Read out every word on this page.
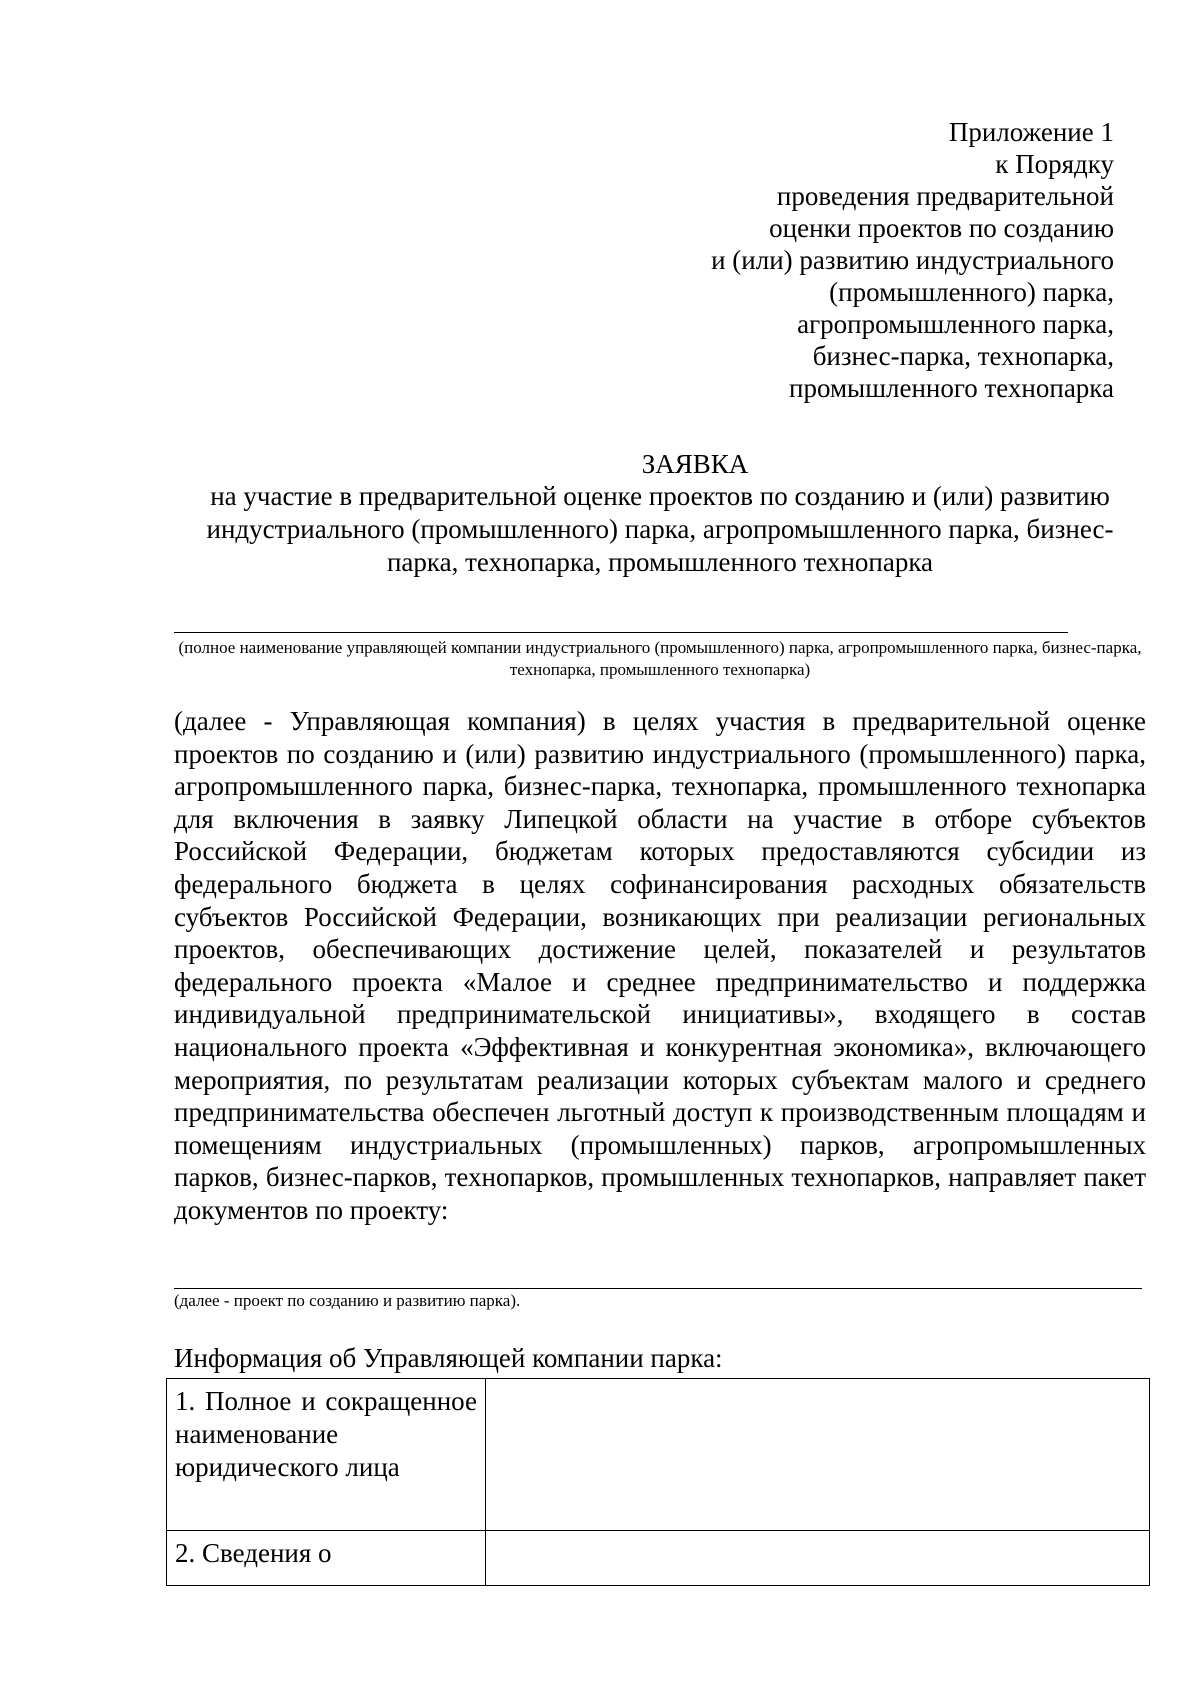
Приложение 1
к Порядку
проведения предварительной
оценки проектов по созданию
и (или) развитию индустриального
(промышленного) парка,
агропромышленного парка,
бизнес-парка, технопарка,
промышленного технопарка
ЗАЯВКА
на участие в предварительной оценке проектов по созданию и (или) развитию индустриального (промышленного) парка, агропромышленного парка, бизнес-парка, технопарка, промышленного технопарка
(полное наименование управляющей компании индустриального (промышленного) парка, агропромышленного парка, бизнес-парка, технопарка, промышленного технопарка)
(далее - Управляющая компания) в целях участия в предварительной оценке проектов по созданию и (или) развитию индустриального (промышленного) парка, агропромышленного парка, бизнес-парка, технопарка, промышленного технопарка для включения в заявку Липецкой области на участие в отборе субъектов Российской Федерации, бюджетам которых предоставляются субсидии из федерального бюджета в целях софинансирования расходных обязательств субъектов Российской Федерации, возникающих при реализации региональных проектов, обеспечивающих достижение целей, показателей и результатов федерального проекта «Малое и среднее предпринимательство и поддержка индивидуальной предпринимательской инициативы», входящего в состав национального проекта «Эффективная и конкурентная экономика», включающего мероприятия, по результатам реализации которых субъектам малого и среднего предпринимательства обеспечен льготный доступ к производственным площадям и помещениям индустриальных (промышленных) парков, агропромышленных парков, бизнес-парков, технопарков, промышленных технопарков, направляет пакет документов по проекту:
(далее - проект по созданию и развитию парка).
Информация об Управляющей компании парка:
1. Полное и сокращенное наименование юридического лица	
2. Сведения о	
